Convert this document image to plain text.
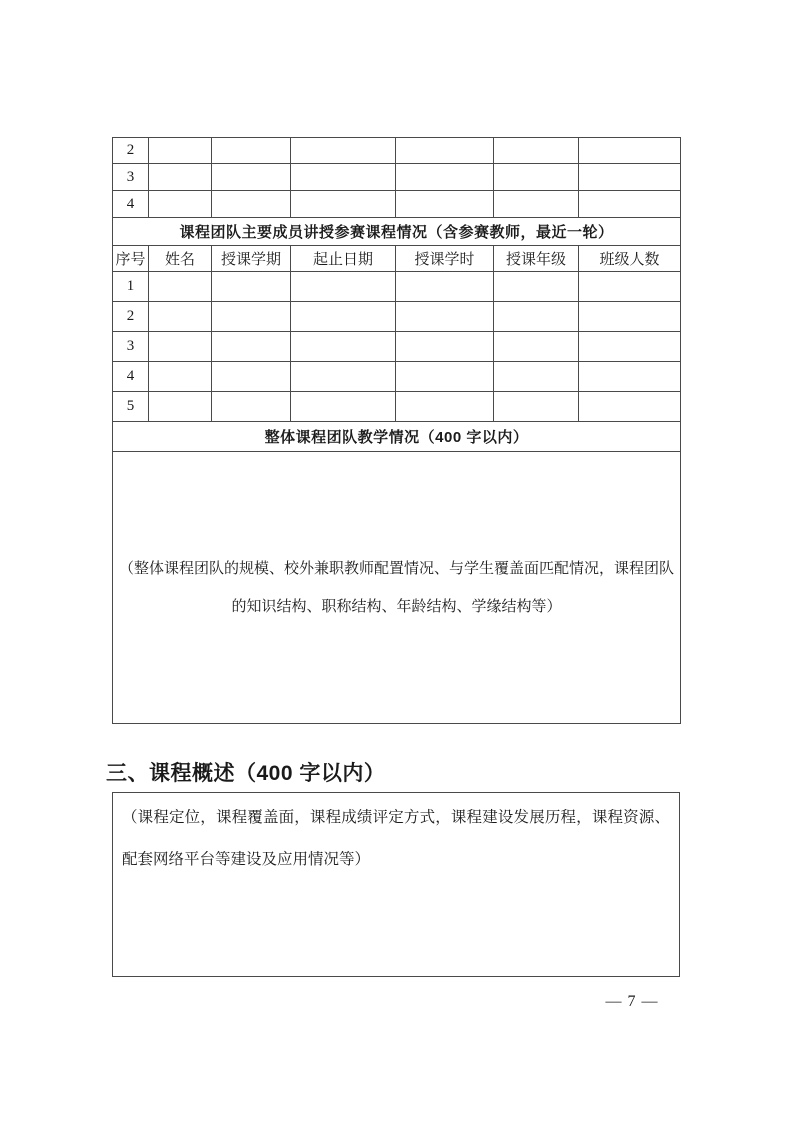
2						
3						
4						
课程团队主要成员讲授参赛课程情况（含参赛教师，最近一轮）						
序号	姓名	授课学期	起止日期	授课学时	授课年级	班级人数
1						
2						
3						
4						
5						
整体课程团队教学情况（400 字以内）						
（整体课程团队的规模、校外兼职教师配置情况、与学生覆盖面匹配情况，课程团队的知识结构、职称结构、年龄结构、学缘结构等）						
三、课程概述（400 字以内）
（课程定位，课程覆盖面，课程成绩评定方式，课程建设发展历程，课程资源、配套网络平台等建设及应用情况等）
— 7 —
